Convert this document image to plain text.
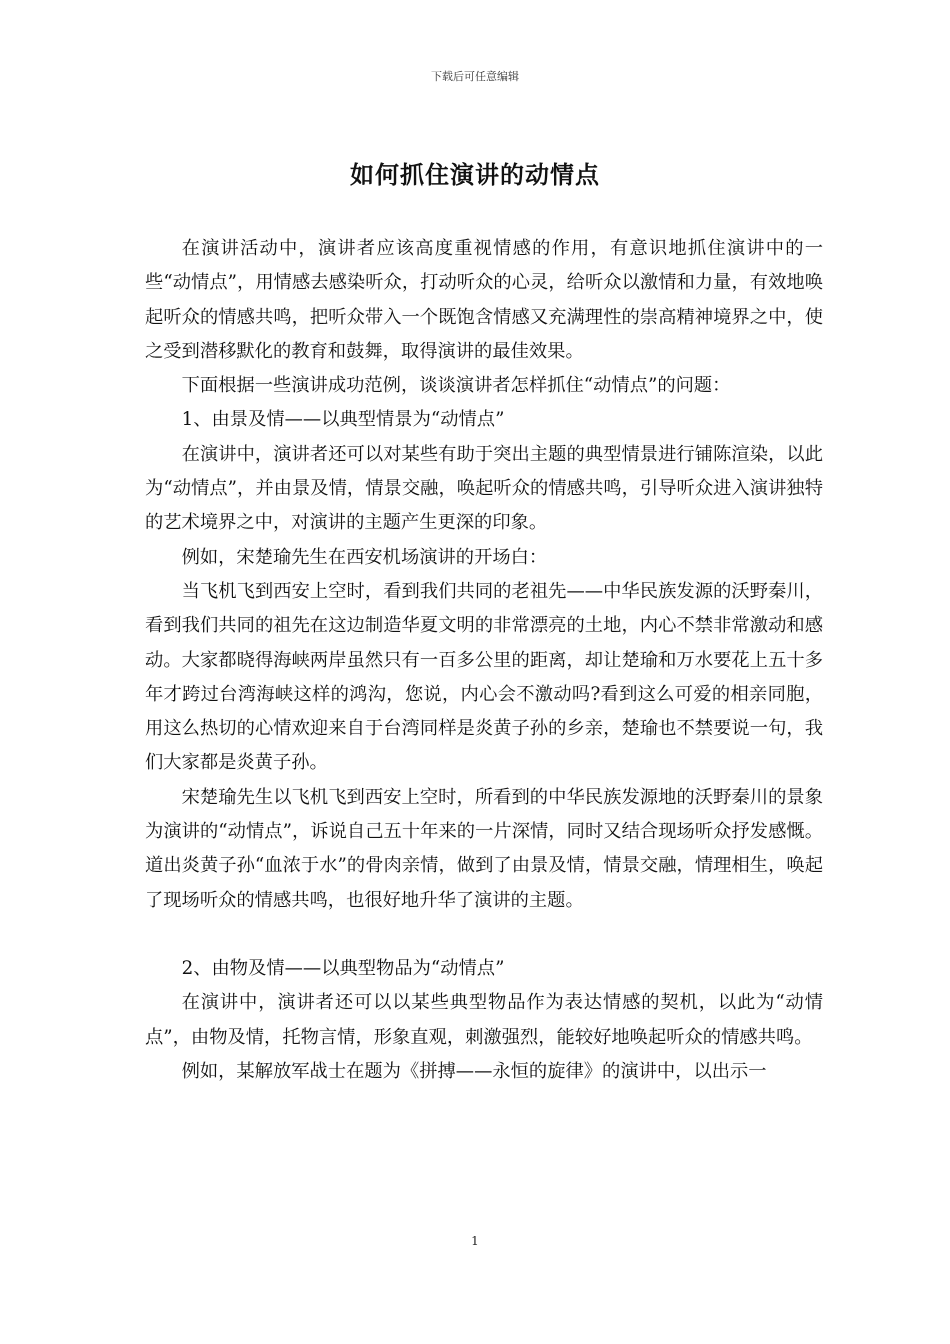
下载后可任意编辑
如何抓住演讲的动情点

在演讲活动中，演讲者应该高度重视情感的作用，有意识地抓住演讲中的一些“动情点”，用情感去感染听众，打动听众的心灵，给听众以激情和力量，有效地唤起听众的情感共鸣，把听众带入一个既饱含情感又充满理性的崇高精神境界之中，使之受到潜移默化的教育和鼓舞，取得演讲的最佳效果。

下面根据一些演讲成功范例，谈谈演讲者怎样抓住“动情点”的问题：

1、由景及情——以典型情景为“动情点”

在演讲中，演讲者还可以对某些有助于突出主题的典型情景进行铺陈渲染，以此为“动情点”，并由景及情，情景交融，唤起听众的情感共鸣，引导听众进入演讲独特的艺术境界之中，对演讲的主题产生更深的印象。

例如，宋楚瑜先生在西安机场演讲的开场白：

当飞机飞到西安上空时，看到我们共同的老祖先——中华民族发源的沃野秦川，看到我们共同的祖先在这边制造华夏文明的非常漂亮的土地，内心不禁非常激动和感动。大家都晓得海峡两岸虽然只有一百多公里的距离，却让楚瑜和万水要花上五十多年才跨过台湾海峡这样的鸿沟，您说，内心会不激动吗?看到这么可爱的相亲同胞，用这么热切的心情欢迎来自于台湾同样是炎黄子孙的乡亲，楚瑜也不禁要说一句，我们大家都是炎黄子孙。

宋楚瑜先生以飞机飞到西安上空时，所看到的中华民族发源地的沃野秦川的景象为演讲的“动情点”，诉说自己五十年来的一片深情，同时又结合现场听众抒发感慨。道出炎黄子孙“血浓于水”的骨肉亲情，做到了由景及情，情景交融，情理相生，唤起了现场听众的情感共鸣，也很好地升华了演讲的主题。

2、由物及情——以典型物品为“动情点”

在演讲中，演讲者还可以以某些典型物品作为表达情感的契机，以此为“动情点”，由物及情，托物言情，形象直观，刺激强烈，能较好地唤起听众的情感共鸣。

例如，某解放军战士在题为《拼搏——永恒的旋律》的演讲中，以出示一

1
